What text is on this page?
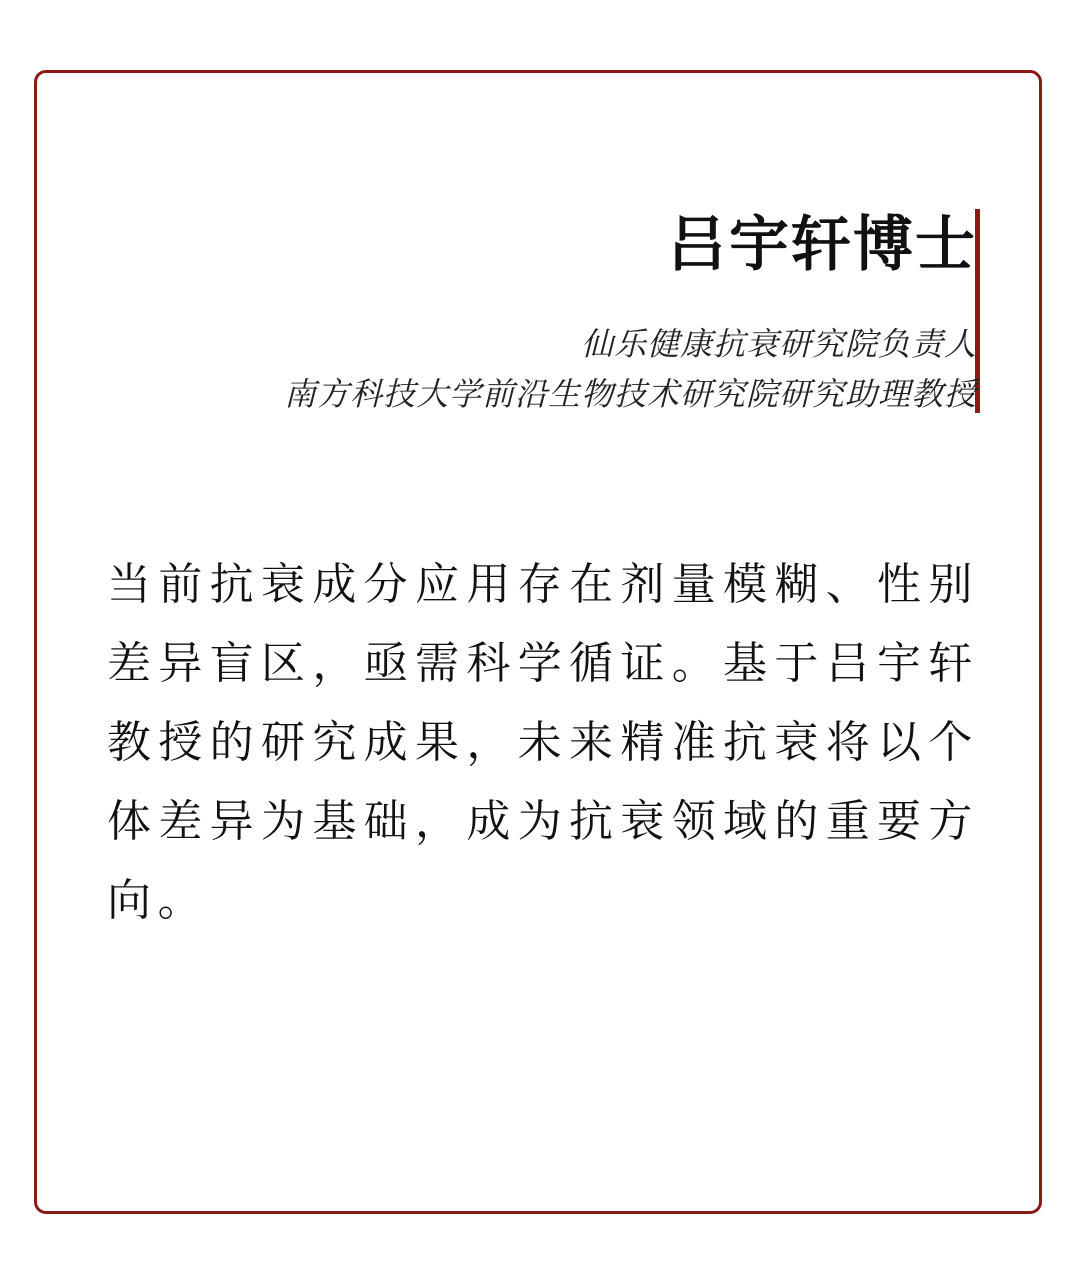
吕宇轩博士
仙乐健康抗衰研究院负责人
南方科技大学前沿生物技术研究院研究助理教授

当前抗衰成分应用存在剂量模糊、性别差异盲区，亟需科学循证。基于吕宇轩教授的研究成果，未来精准抗衰将以个体差异为基础，成为抗衰领域的重要方向。
